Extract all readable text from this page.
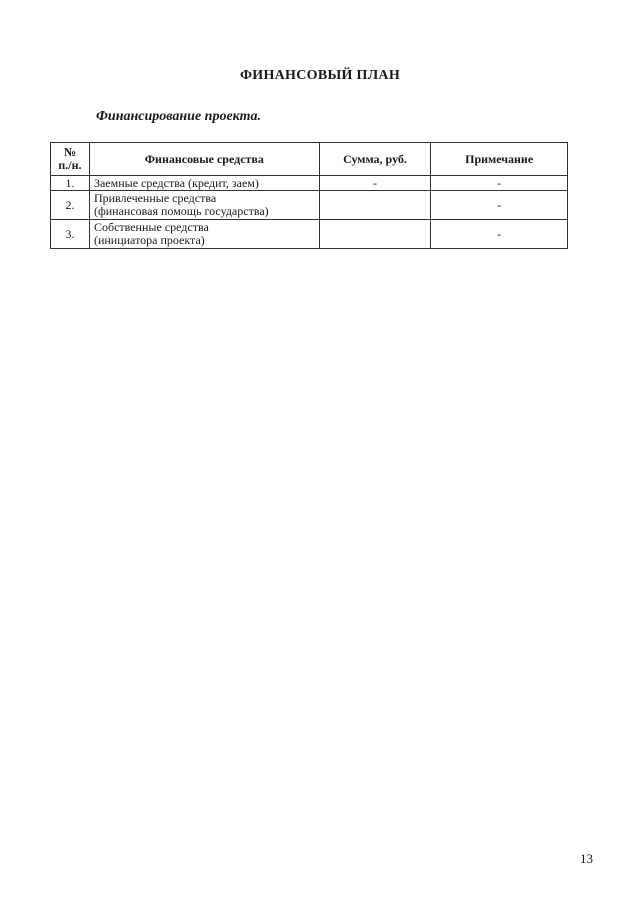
ФИНАНСОВЫЙ ПЛАН
Финансирование проекта.
№
п./н.	Финансовые средства	Сумма, руб.	Примечание
1.	Заемные средства (кредит, заем)	-	-
2.	Привлеченные средства
(финансовая помощь государства)		-
3.	Собственные средства
(инициатора проекта)		-
13
